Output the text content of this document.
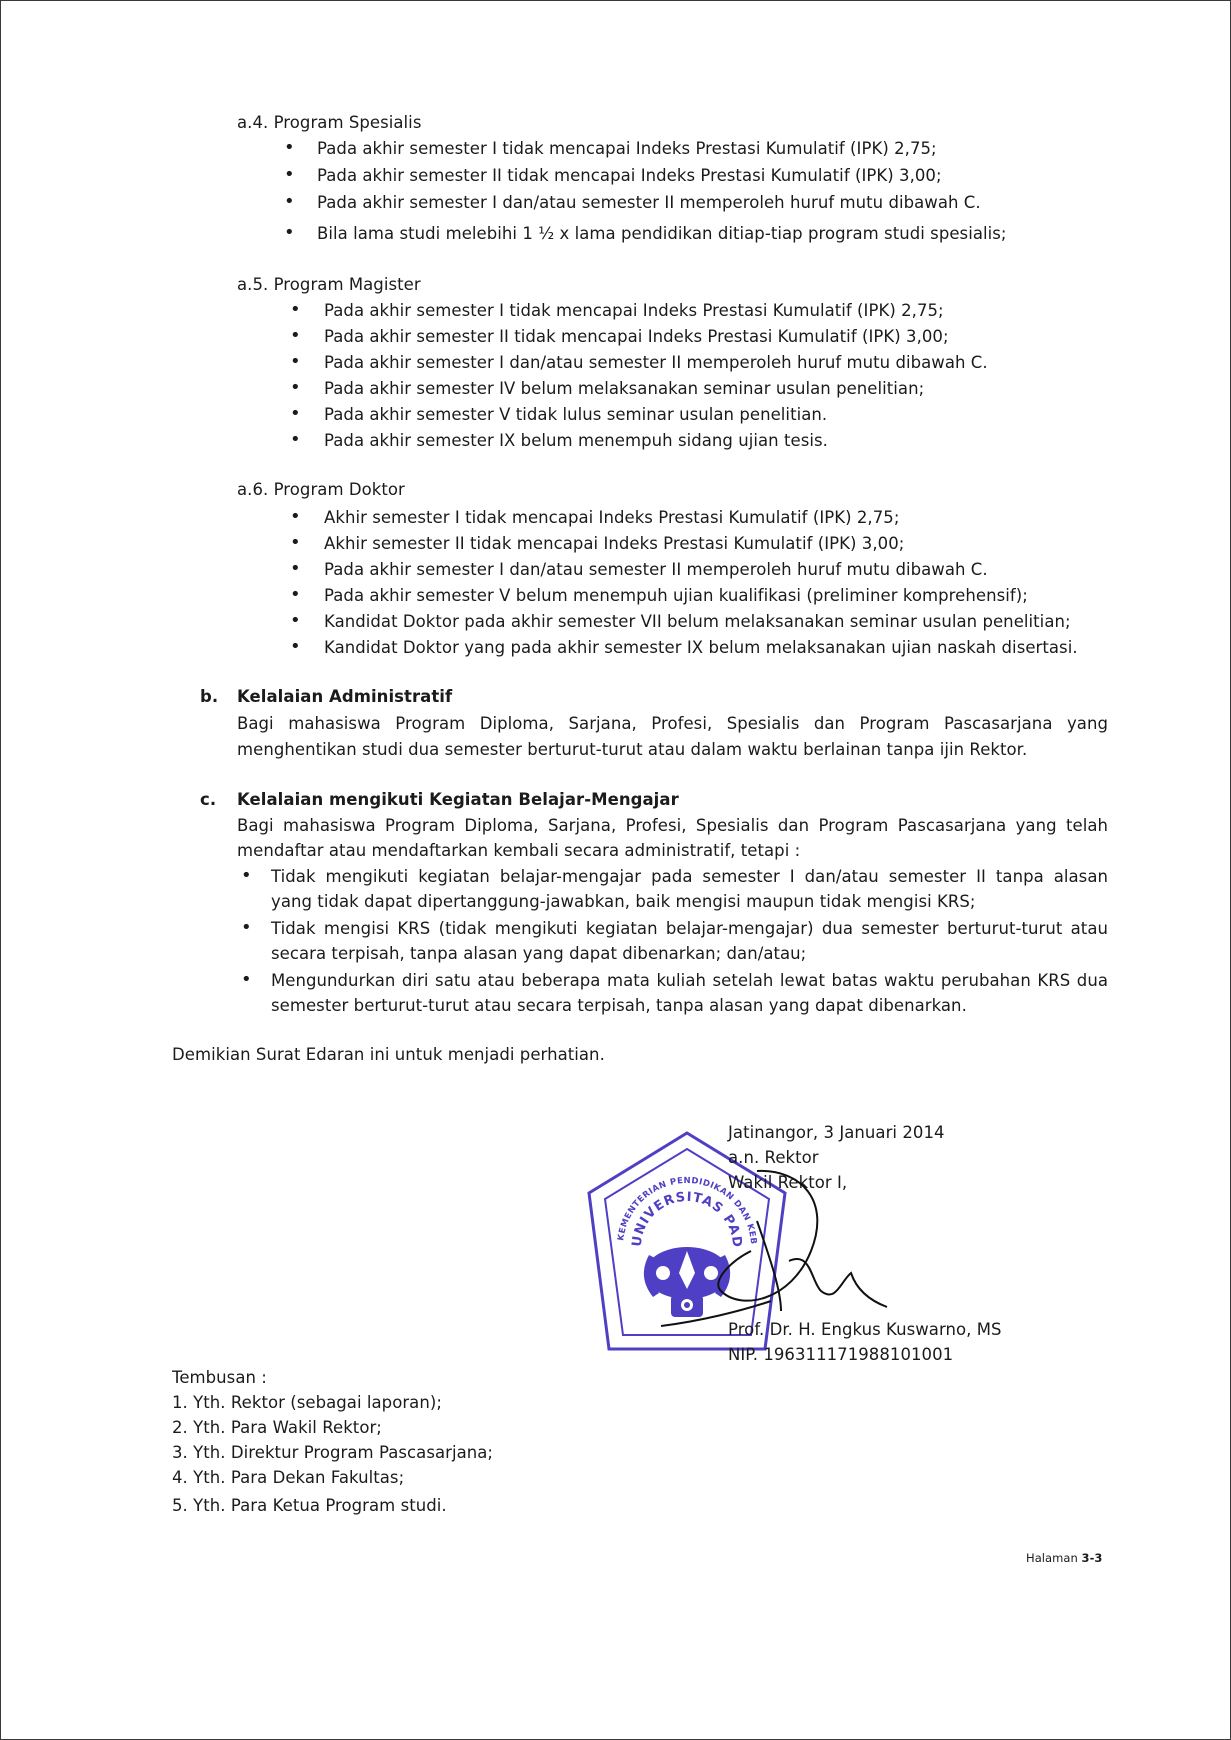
a.4. Program Spesialis
• Pada akhir semester I tidak mencapai Indeks Prestasi Kumulatif (IPK) 2,75;
• Pada akhir semester II tidak mencapai Indeks Prestasi Kumulatif (IPK) 3,00;
• Pada akhir semester I dan/atau semester II memperoleh huruf mutu dibawah C.
• Bila lama studi melebihi 1 ½ x lama pendidikan ditiap-tiap program studi spesialis;
a.5. Program Magister
• Pada akhir semester I tidak mencapai Indeks Prestasi Kumulatif (IPK) 2,75;
• Pada akhir semester II tidak mencapai Indeks Prestasi Kumulatif (IPK) 3,00;
• Pada akhir semester I dan/atau semester II memperoleh huruf mutu dibawah C.
• Pada akhir semester IV belum melaksanakan seminar usulan penelitian;
• Pada akhir semester V tidak lulus seminar usulan penelitian.
• Pada akhir semester IX belum menempuh sidang ujian tesis.
a.6. Program Doktor
• Akhir semester I tidak mencapai Indeks Prestasi Kumulatif (IPK) 2,75;
• Akhir semester II tidak mencapai Indeks Prestasi Kumulatif (IPK) 3,00;
• Pada akhir semester I dan/atau semester II memperoleh huruf mutu dibawah C.
• Pada akhir semester V belum menempuh ujian kualifikasi (preliminer komprehensif);
• Kandidat Doktor pada akhir semester VII belum melaksanakan seminar usulan penelitian;
• Kandidat Doktor yang pada akhir semester IX belum melaksanakan ujian naskah disertasi.
b. Kelalaian Administratif
Bagi mahasiswa Program Diploma, Sarjana, Profesi, Spesialis dan Program Pascasarjana yang
menghentikan studi dua semester berturut-turut atau dalam waktu berlainan tanpa ijin Rektor.
c. Kelalaian mengikuti Kegiatan Belajar-Mengajar
Bagi mahasiswa Program Diploma, Sarjana, Profesi, Spesialis dan Program Pascasarjana yang telah
mendaftar atau mendaftarkan kembali secara administratif, tetapi :
• Tidak mengikuti kegiatan belajar-mengajar pada semester I dan/atau semester II tanpa alasan
yang tidak dapat dipertanggung-jawabkan, baik mengisi maupun tidak mengisi KRS;
• Tidak mengisi KRS (tidak mengikuti kegiatan belajar-mengajar) dua semester berturut-turut atau
secara terpisah, tanpa alasan yang dapat dibenarkan; dan/atau;
• Mengundurkan diri satu atau beberapa mata kuliah setelah lewat batas waktu perubahan KRS dua
semester berturut-turut atau secara terpisah, tanpa alasan yang dapat dibenarkan.
Demikian Surat Edaran ini untuk menjadi perhatian.
KEMENTERIAN PENDIDIKAN DAN KEB
UNIVERSITAS PAD
Jatinangor, 3 Januari 2014
a.n. Rektor
Wakil Rektor I,
Prof. Dr. H. Engkus Kuswarno, MS
NIP. 196311171988101001
Tembusan :
1. Yth. Rektor (sebagai laporan);
2. Yth. Para Wakil Rektor;
3. Yth. Direktur Program Pascasarjana;
4. Yth. Para Dekan Fakultas;
5. Yth. Para Ketua Program studi.
Halaman 3-3
